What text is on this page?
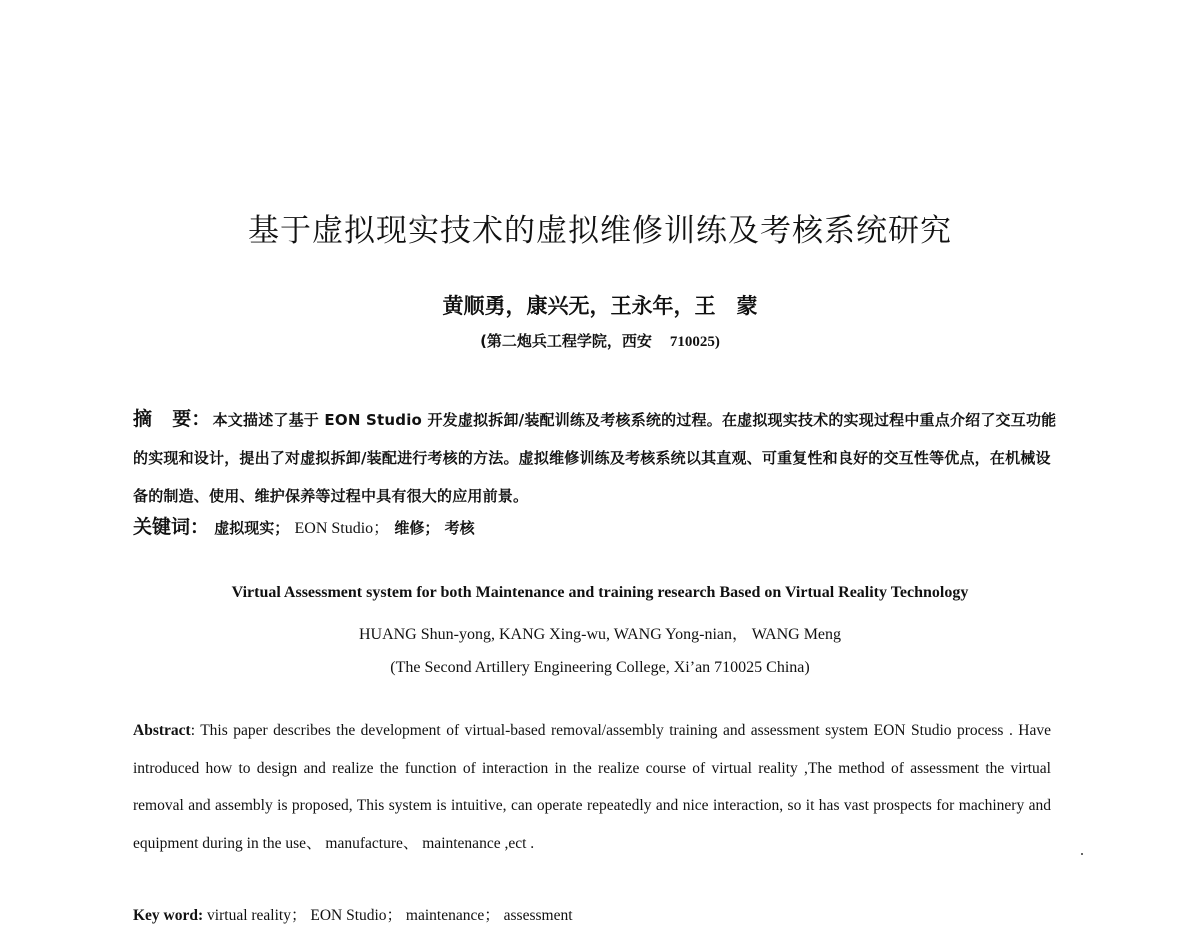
基于虚拟现实技术的虚拟维修训练及考核系统研究
黄顺勇，康兴无，王永年，王　蒙
(第二炮兵工程学院，西安 710025)
摘 要： 本文描述了基于 EON Studio 开发虚拟拆卸/装配训练及考核系统的过程。在虚拟现实技术的实现过程中重点介绍了交互功能的实现和设计，提出了对虚拟拆卸/装配进行考核的方法。虚拟维修训练及考核系统以其直观、可重复性和良好的交互性等优点，在机械设备的制造、使用、维护保养等过程中具有很大的应用前景。
关键词： 虚拟现实； EON Studio； 维修； 考核
Virtual Assessment system for both Maintenance and training research Based on Virtual Reality Technology
HUANG Shun-yong, KANG Xing-wu, WANG Yong-nian， WANG Meng
(The Second Artillery Engineering College, Xi’an 710025 China)
Abstract: This paper describes the development of virtual-based removal/assembly training and assessment system EON Studio process . Have introduced how to design and realize the function of interaction in the realize course of virtual reality ,The method of assessment the virtual removal and assembly is proposed, This system is intuitive, can operate repeatedly and nice interaction, so it has vast prospects for machinery and equipment during in the use、 manufacture、 maintenance ,ect .
Key word: virtual reality； EON Studio； maintenance； assessment
